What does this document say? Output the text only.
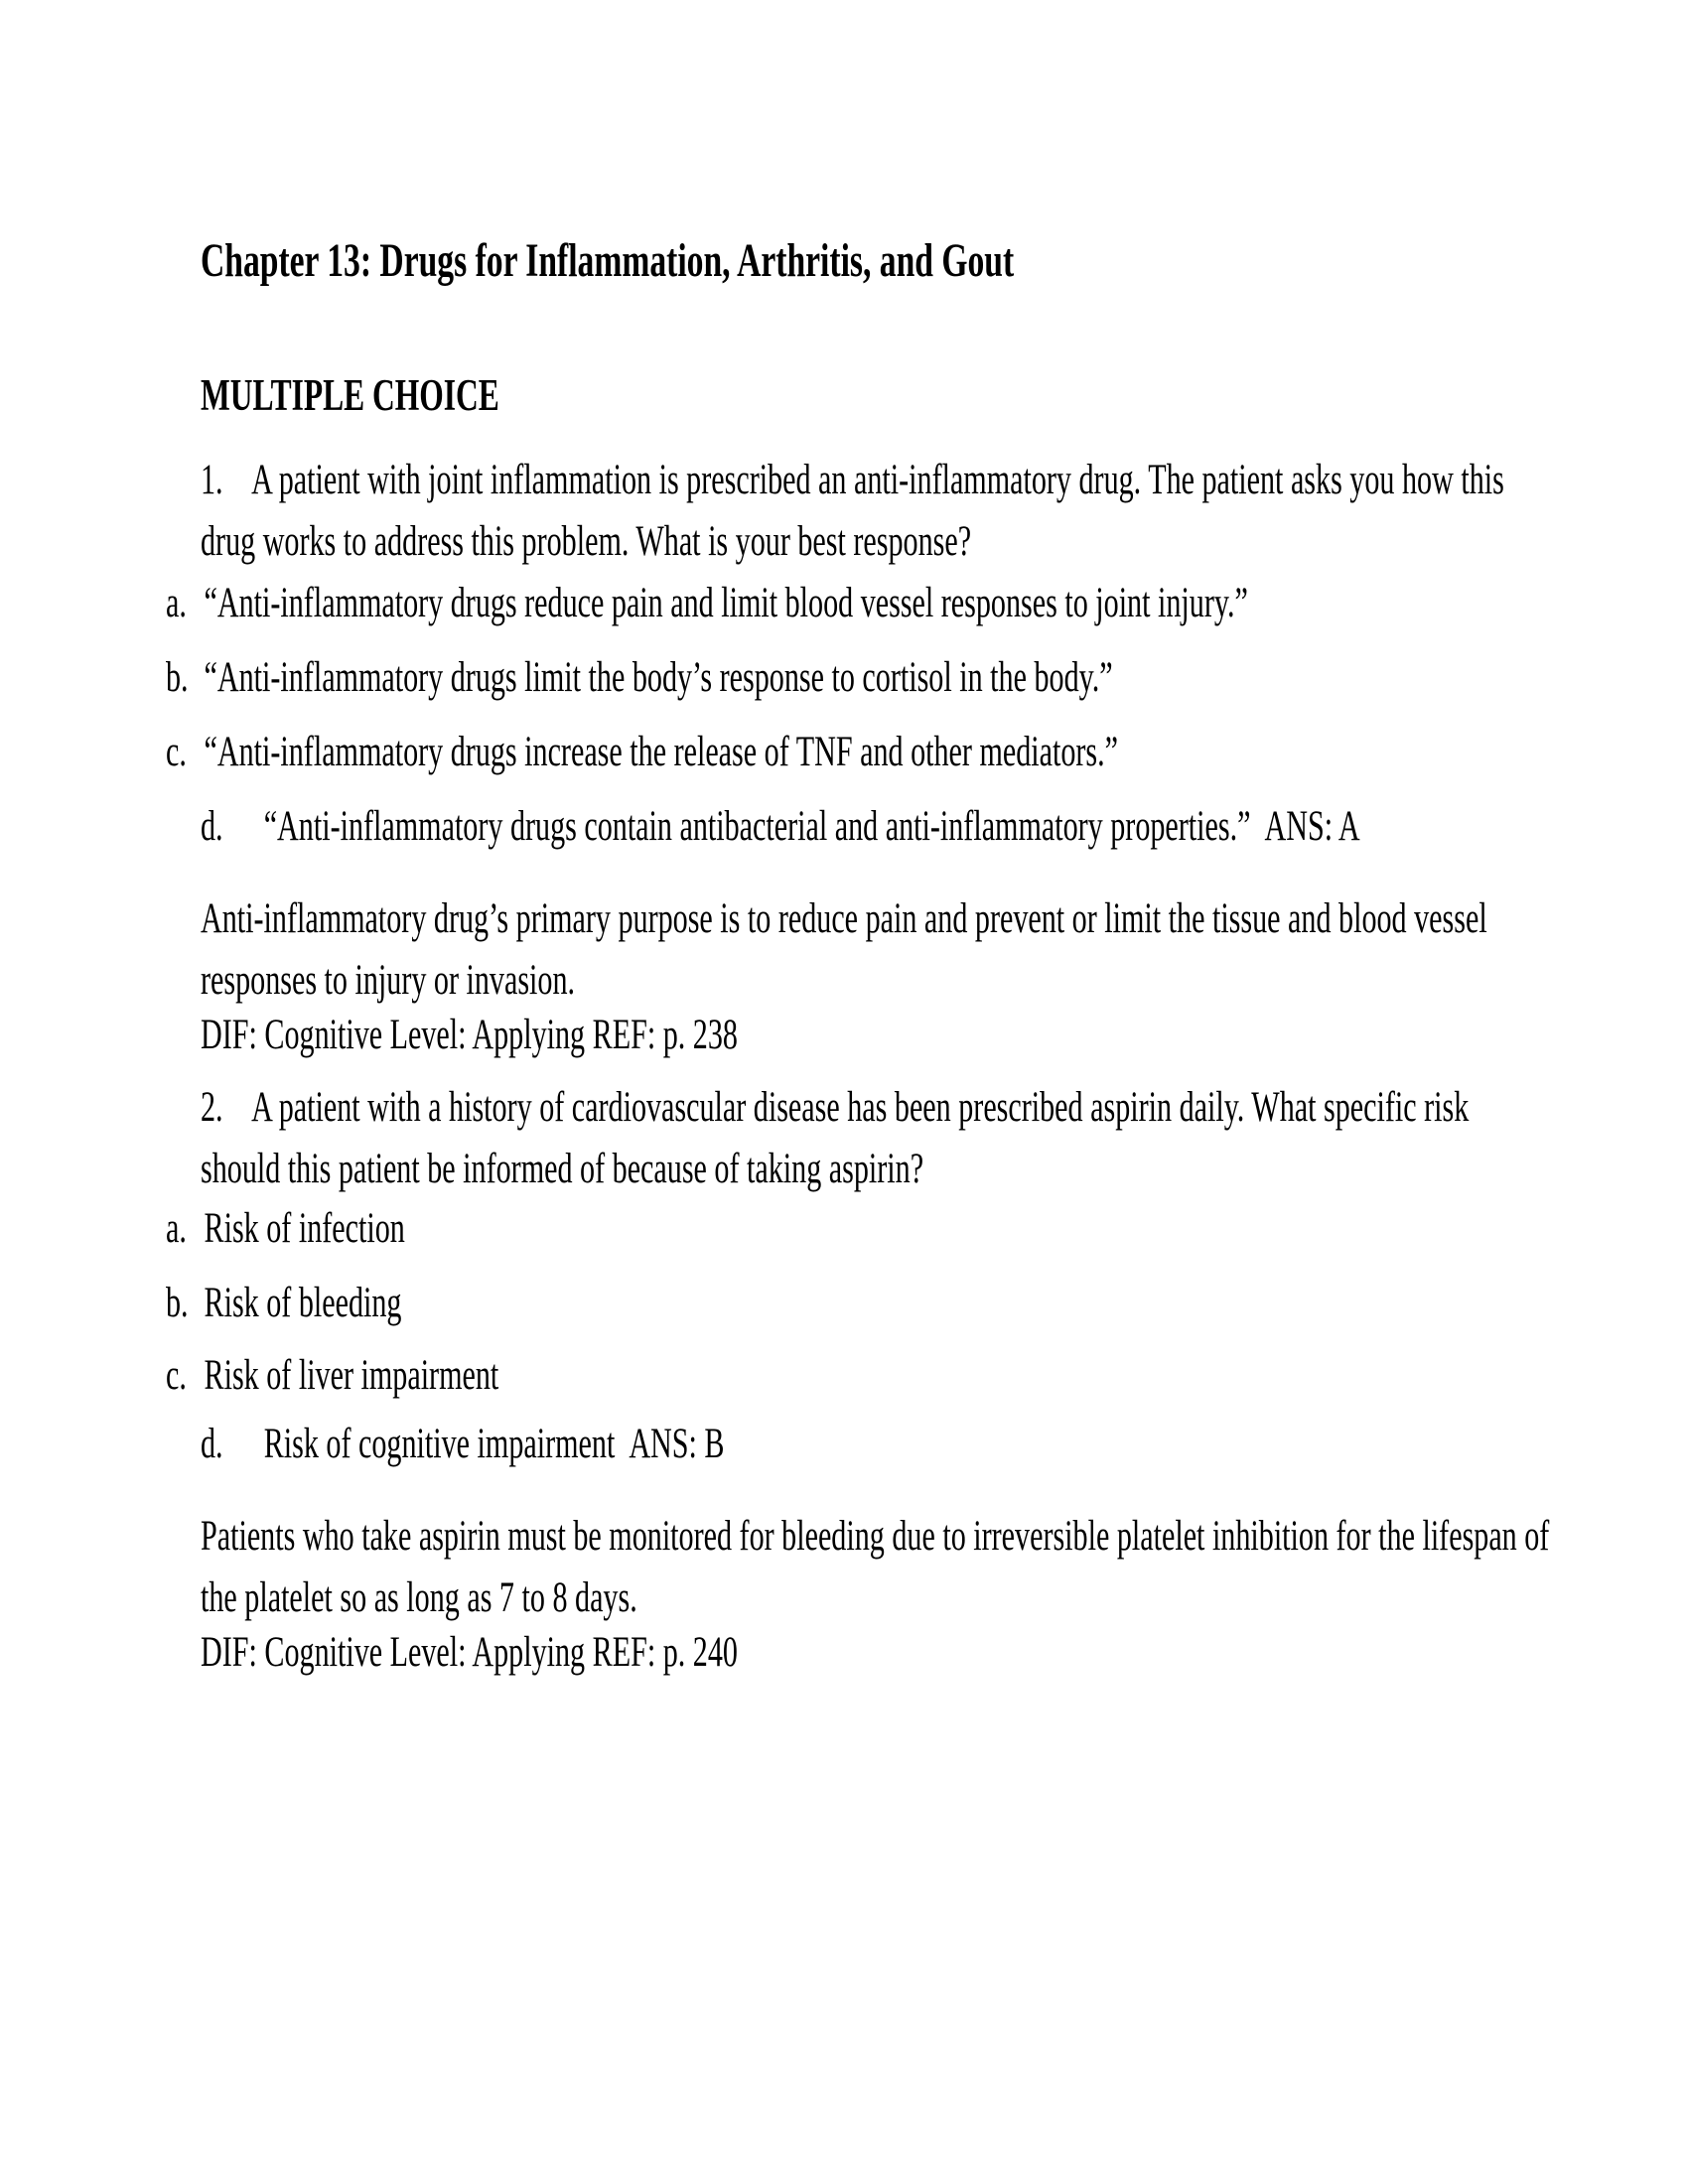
Chapter 13: Drugs for Inflammation, Arthritis, and Gout
MULTIPLE CHOICE

1. A patient with joint inflammation is prescribed an anti-inflammatory drug. The patient asks you how this drug works to address this problem. What is your best response?

a. “Anti-inflammatory drugs reduce pain and limit blood vessel responses to joint injury.”

b. “Anti-inflammatory drugs limit the body’s response to cortisol in the body.”

c. “Anti-inflammatory drugs increase the release of TNF and other mediators.”

d. “Anti-inflammatory drugs contain antibacterial and anti-inflammatory properties.” ANS: A

Anti-inflammatory drug’s primary purpose is to reduce pain and prevent or limit the tissue and blood vessel responses to injury or invasion.

DIF: Cognitive Level: Applying REF: p. 238

2. A patient with a history of cardiovascular disease has been prescribed aspirin daily. What specific risk should this patient be informed of because of taking aspirin?

a. Risk of infection

b. Risk of bleeding

c. Risk of liver impairment

d. Risk of cognitive impairment ANS: B

Patients who take aspirin must be monitored for bleeding due to irreversible platelet inhibition for the lifespan of the platelet so as long as 7 to 8 days.

DIF: Cognitive Level: Applying REF: p. 240
